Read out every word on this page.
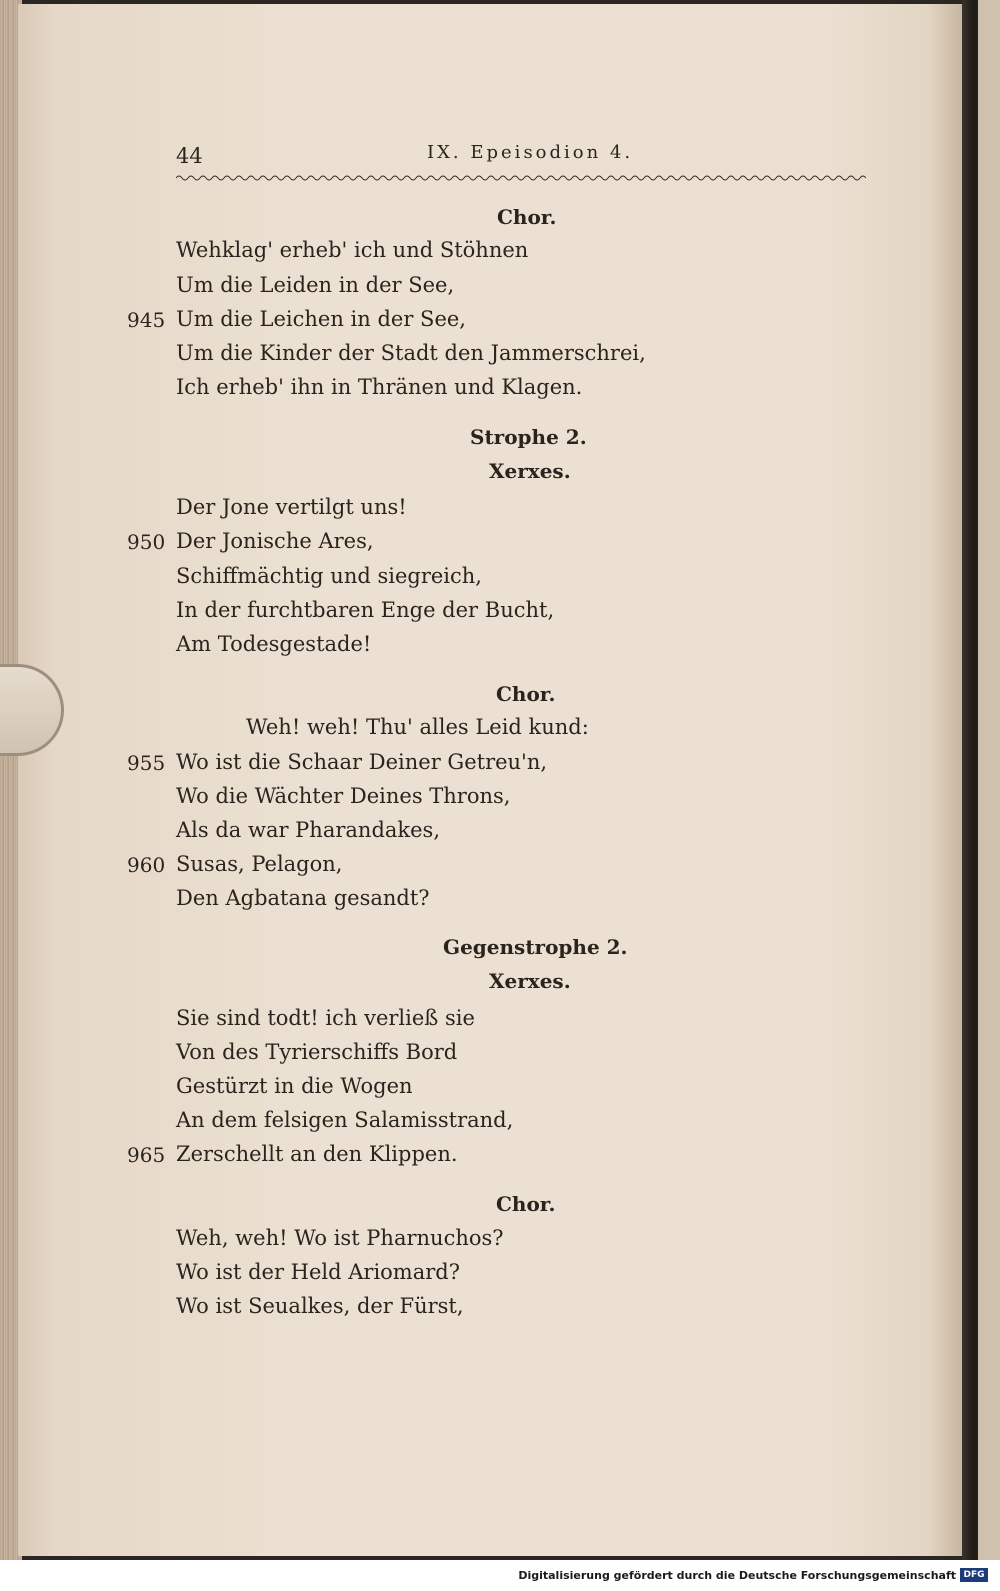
44	IX. Epeisodion 4.
Chor.
Wehklag' erheb' ich und Stöhnen
Um die Leiden in der See,
Um die Leichen in der See,
945
Um die Kinder der Stadt den Jammerschrei,
Ich erheb' ihn in Thränen und Klagen.
Strophe 2.
Xerxes.
Der Jone vertilgt uns!
Der Jonische Ares,
950
Schiffmächtig und siegreich,
In der furchtbaren Enge der Bucht,
Am Todesgestade!
Chor.
Weh! weh! Thu' alles Leid kund:
Wo ist die Schaar Deiner Getreu'n,
955
Wo die Wächter Deines Throns,
Als da war Pharandakes,
Susas, Pelagon,
960
Den Agbatana gesandt?
Gegenstrophe 2.
Xerxes.
Sie sind todt! ich verließ sie
Von des Tyrierschiffs Bord
Gestürzt in die Wogen
An dem felsigen Salamisstrand,
Zerschellt an den Klippen.
965
Chor.
Weh, weh! Wo ist Pharnuchos?
Wo ist der Held Ariomard?
Wo ist Seualkes, der Fürst,
Digitalisierung gefördert durch die Deutsche Forschungsgemeinschaft DFG
